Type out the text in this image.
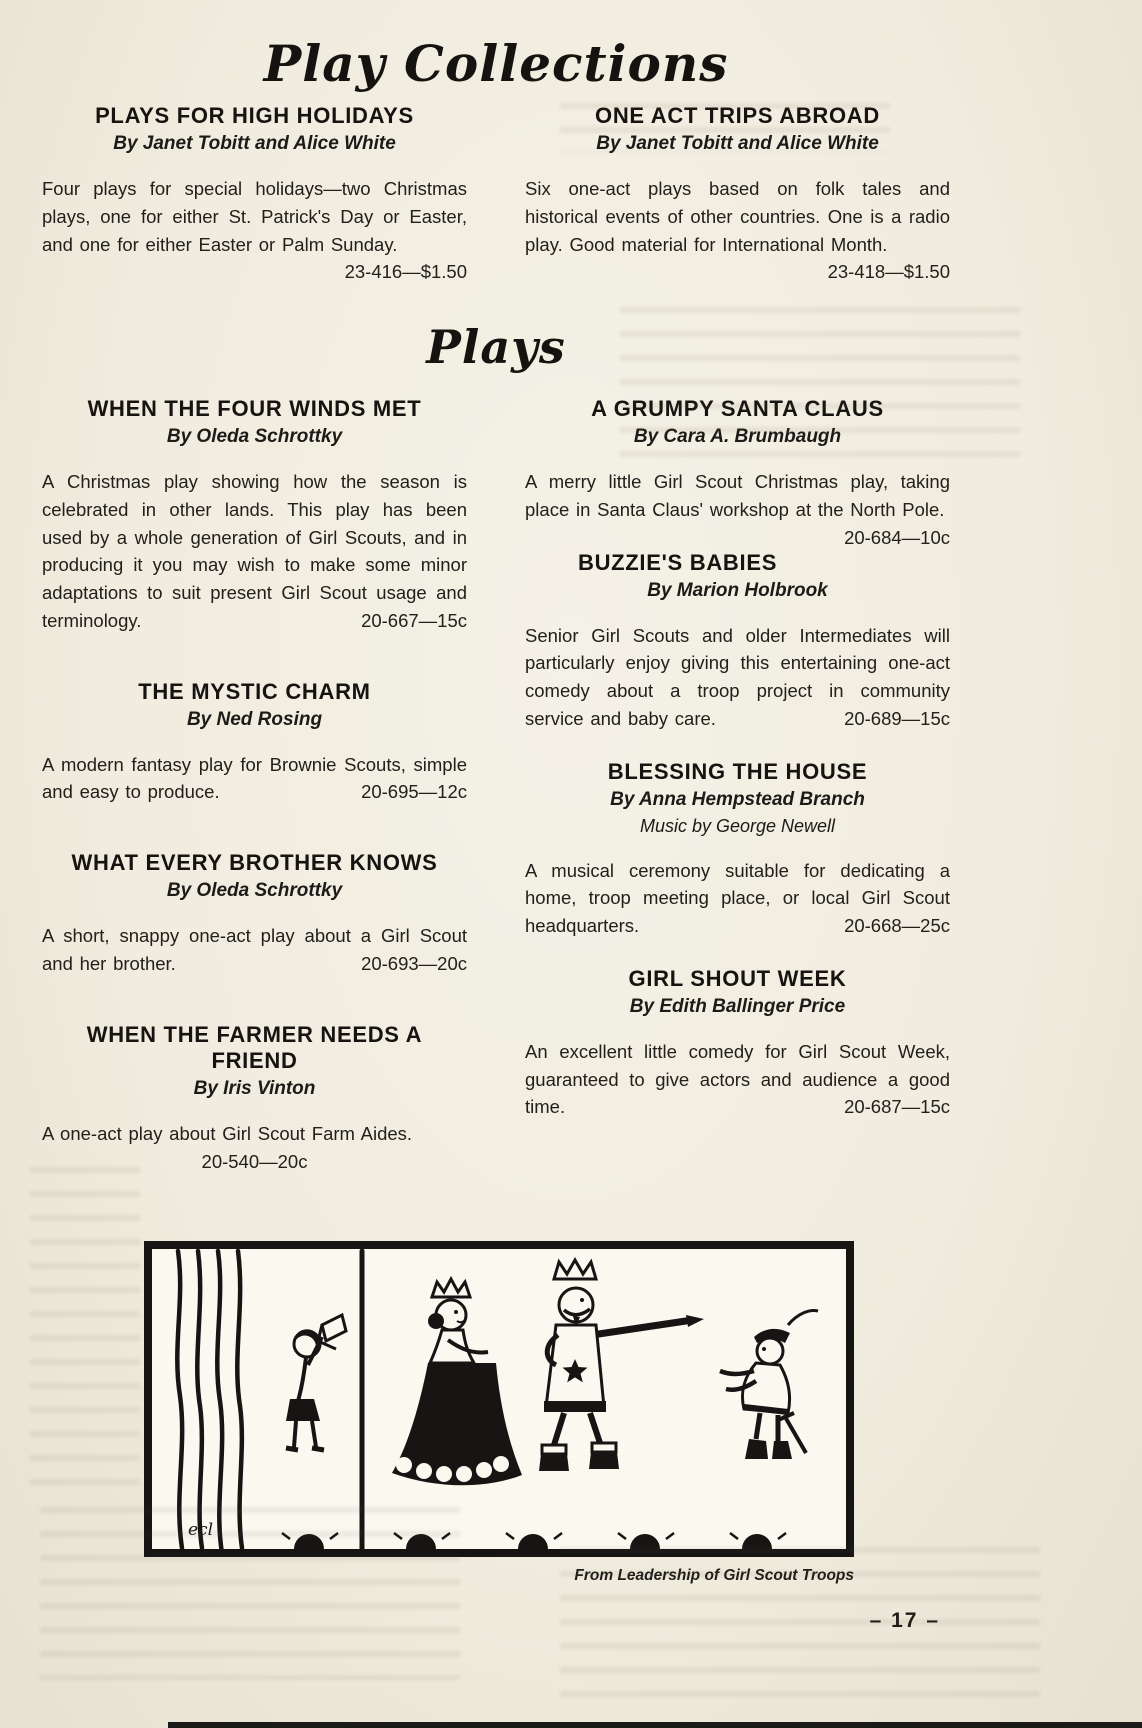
Play Collections
PLAYS FOR HIGH HOLIDAYS
By Janet Tobitt and Alice White

Four plays for special holidays—two Christmas plays, one for either St. Patrick's Day or Easter, and one for either Easter or Palm Sunday.
23-416—$1.50

ONE ACT TRIPS ABROAD
By Janet Tobitt and Alice White

Six one-act plays based on folk tales and historical events of other countries. One is a radio play. Good material for International Month.
23-418—$1.50

Plays
WHEN THE FOUR WINDS MET
By Oleda Schrottky

A Christmas play showing how the season is celebrated in other lands. This play has been used by a whole generation of Girl Scouts, and in producing it you may wish to make some minor adaptations to suit present Girl Scout usage and terminology.	20-667—15c

THE MYSTIC CHARM
By Ned Rosing

A modern fantasy play for Brownie Scouts, simple and easy to produce.	20-695—12c

WHAT EVERY BROTHER KNOWS
By Oleda Schrottky

A short, snappy one-act play about a Girl Scout and her brother.	20-693—20c

WHEN THE FARMER NEEDS A FRIEND
By Iris Vinton

A one-act play about Girl Scout Farm Aides.

20-540—20c
A GRUMPY SANTA CLAUS
By Cara A. Brumbaugh

A merry little Girl Scout Christmas play, taking place in Santa Claus' workshop at the North Pole.
20-684—10c

BUZZIE'S BABIES
By Marion Holbrook

Senior Girl Scouts and older Intermediates will particularly enjoy giving this entertaining one-act comedy about a troop project in community service and baby care.	20-689—15c

BLESSING THE HOUSE
By Anna Hempstead Branch
Music by George Newell

A musical ceremony suitable for dedicating a home, troop meeting place, or local Girl Scout headquarters.	20-668—25c

GIRL SHOUT WEEK
By Edith Ballinger Price

An excellent little comedy for Girl Scout Week, guaranteed to give actors and audience a good time.	20-687—15c

ecl
From Leadership of Girl Scout Troops
– 17 –
